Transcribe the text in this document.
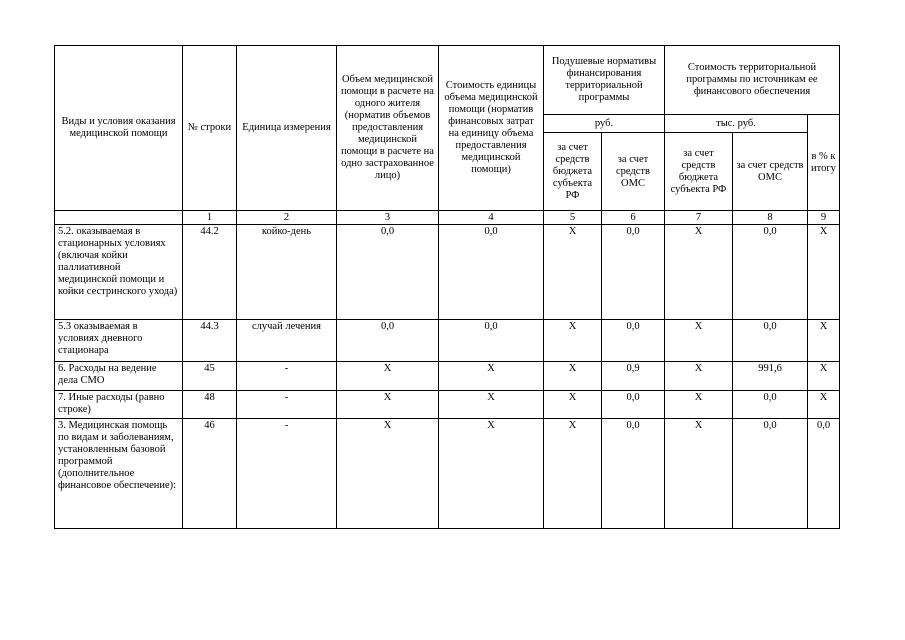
Виды и условия оказания медицинской помощи	№ строки	Единица измерения	Объем медицинской помощи в расчете на одного жителя (норматив объемов предоставления медицинской помощи в расчете на одно застрахованное лицо)	Стоимость единицы объема медицинской помощи (норматив финансовых затрат на единицу объема предоставления медицинской помощи)	Подушевые нормативы финансирования территориальной программы		Стоимость территориальной программы по источникам ее финансового обеспечения		
					руб.		тыс. руб.		в % к итогу
					за счет средств бюджета субъекта РФ	за счет средств ОМС	за счет средств бюджета субъекта РФ	за счет средств ОМС	
	1	2	3	4	5	6	7	8	9
5.2. оказываемая в стационарных условиях (включая койки паллиативной медицинской помощи и койки сестринского ухода)	44.2	койко-день	0,0	0,0	Х	0,0	Х	0,0	Х
5.3 оказываемая в условиях дневного стационара	44.3	случай лечения	0,0	0,0	Х	0,0	Х	0,0	Х
6. Расходы на ведение дела СМО	45	-	Х	Х	Х	0,9	Х	991,6	Х
7. Иные расходы (равно строке)	48	-	Х	Х	Х	0,0	Х	0,0	Х
3. Медицинская помощь по видам и заболеваниям, установленным базовой программой (дополнительное финансовое обеспечение):	46	-	Х	Х	Х	0,0	Х	0,0	0,0
